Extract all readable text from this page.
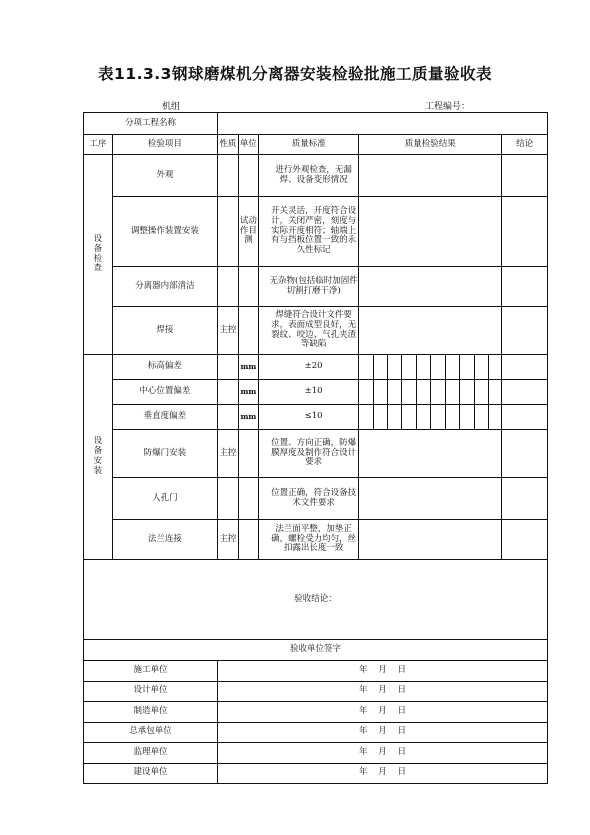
表11.3.3钢球磨煤机分离器安装检验批施工质量验收表
机组	工程编号：
分项工程名称																
工序	检验项目	性质	单位	质量标准		质量检验结果										结论
设备检查	外观				进行外观检查，无漏焊、设备变形情况											
	调整操作装置安装		试动作目测		开关灵活，开度符合设计，关闭严密，刻度与实际开度相符；轴端上有与挡板位置一致的永久性标记											
	分离器内部清洁				无杂物(包括临时加固件切割打磨干净)											
	焊接	主控			焊缝符合设计文件要求，表面成型良好，无裂纹、咬边、气孔夹渣等缺陷											
设备安装	标高偏差		mm		±20											
	中心位置偏差		mm		±10											
	垂直度偏差		mm		≤10											
	防爆门安装	主控			位置、方向正确，防爆膜厚度及制作符合设计要求											
	人孔门				位置正确，符合设备技术文件要求											
	法兰连接	主控			法兰面平整，加垫正确，螺栓受力均匀，丝扣露出长度一致											
验收结论：																
验收单位签字																
施工单位		年 月 日														
设计单位		年 月 日														
制造单位		年 月 日														
总承包单位		年 月 日														
监理单位		年 月 日														
建设单位		年 月 日														
